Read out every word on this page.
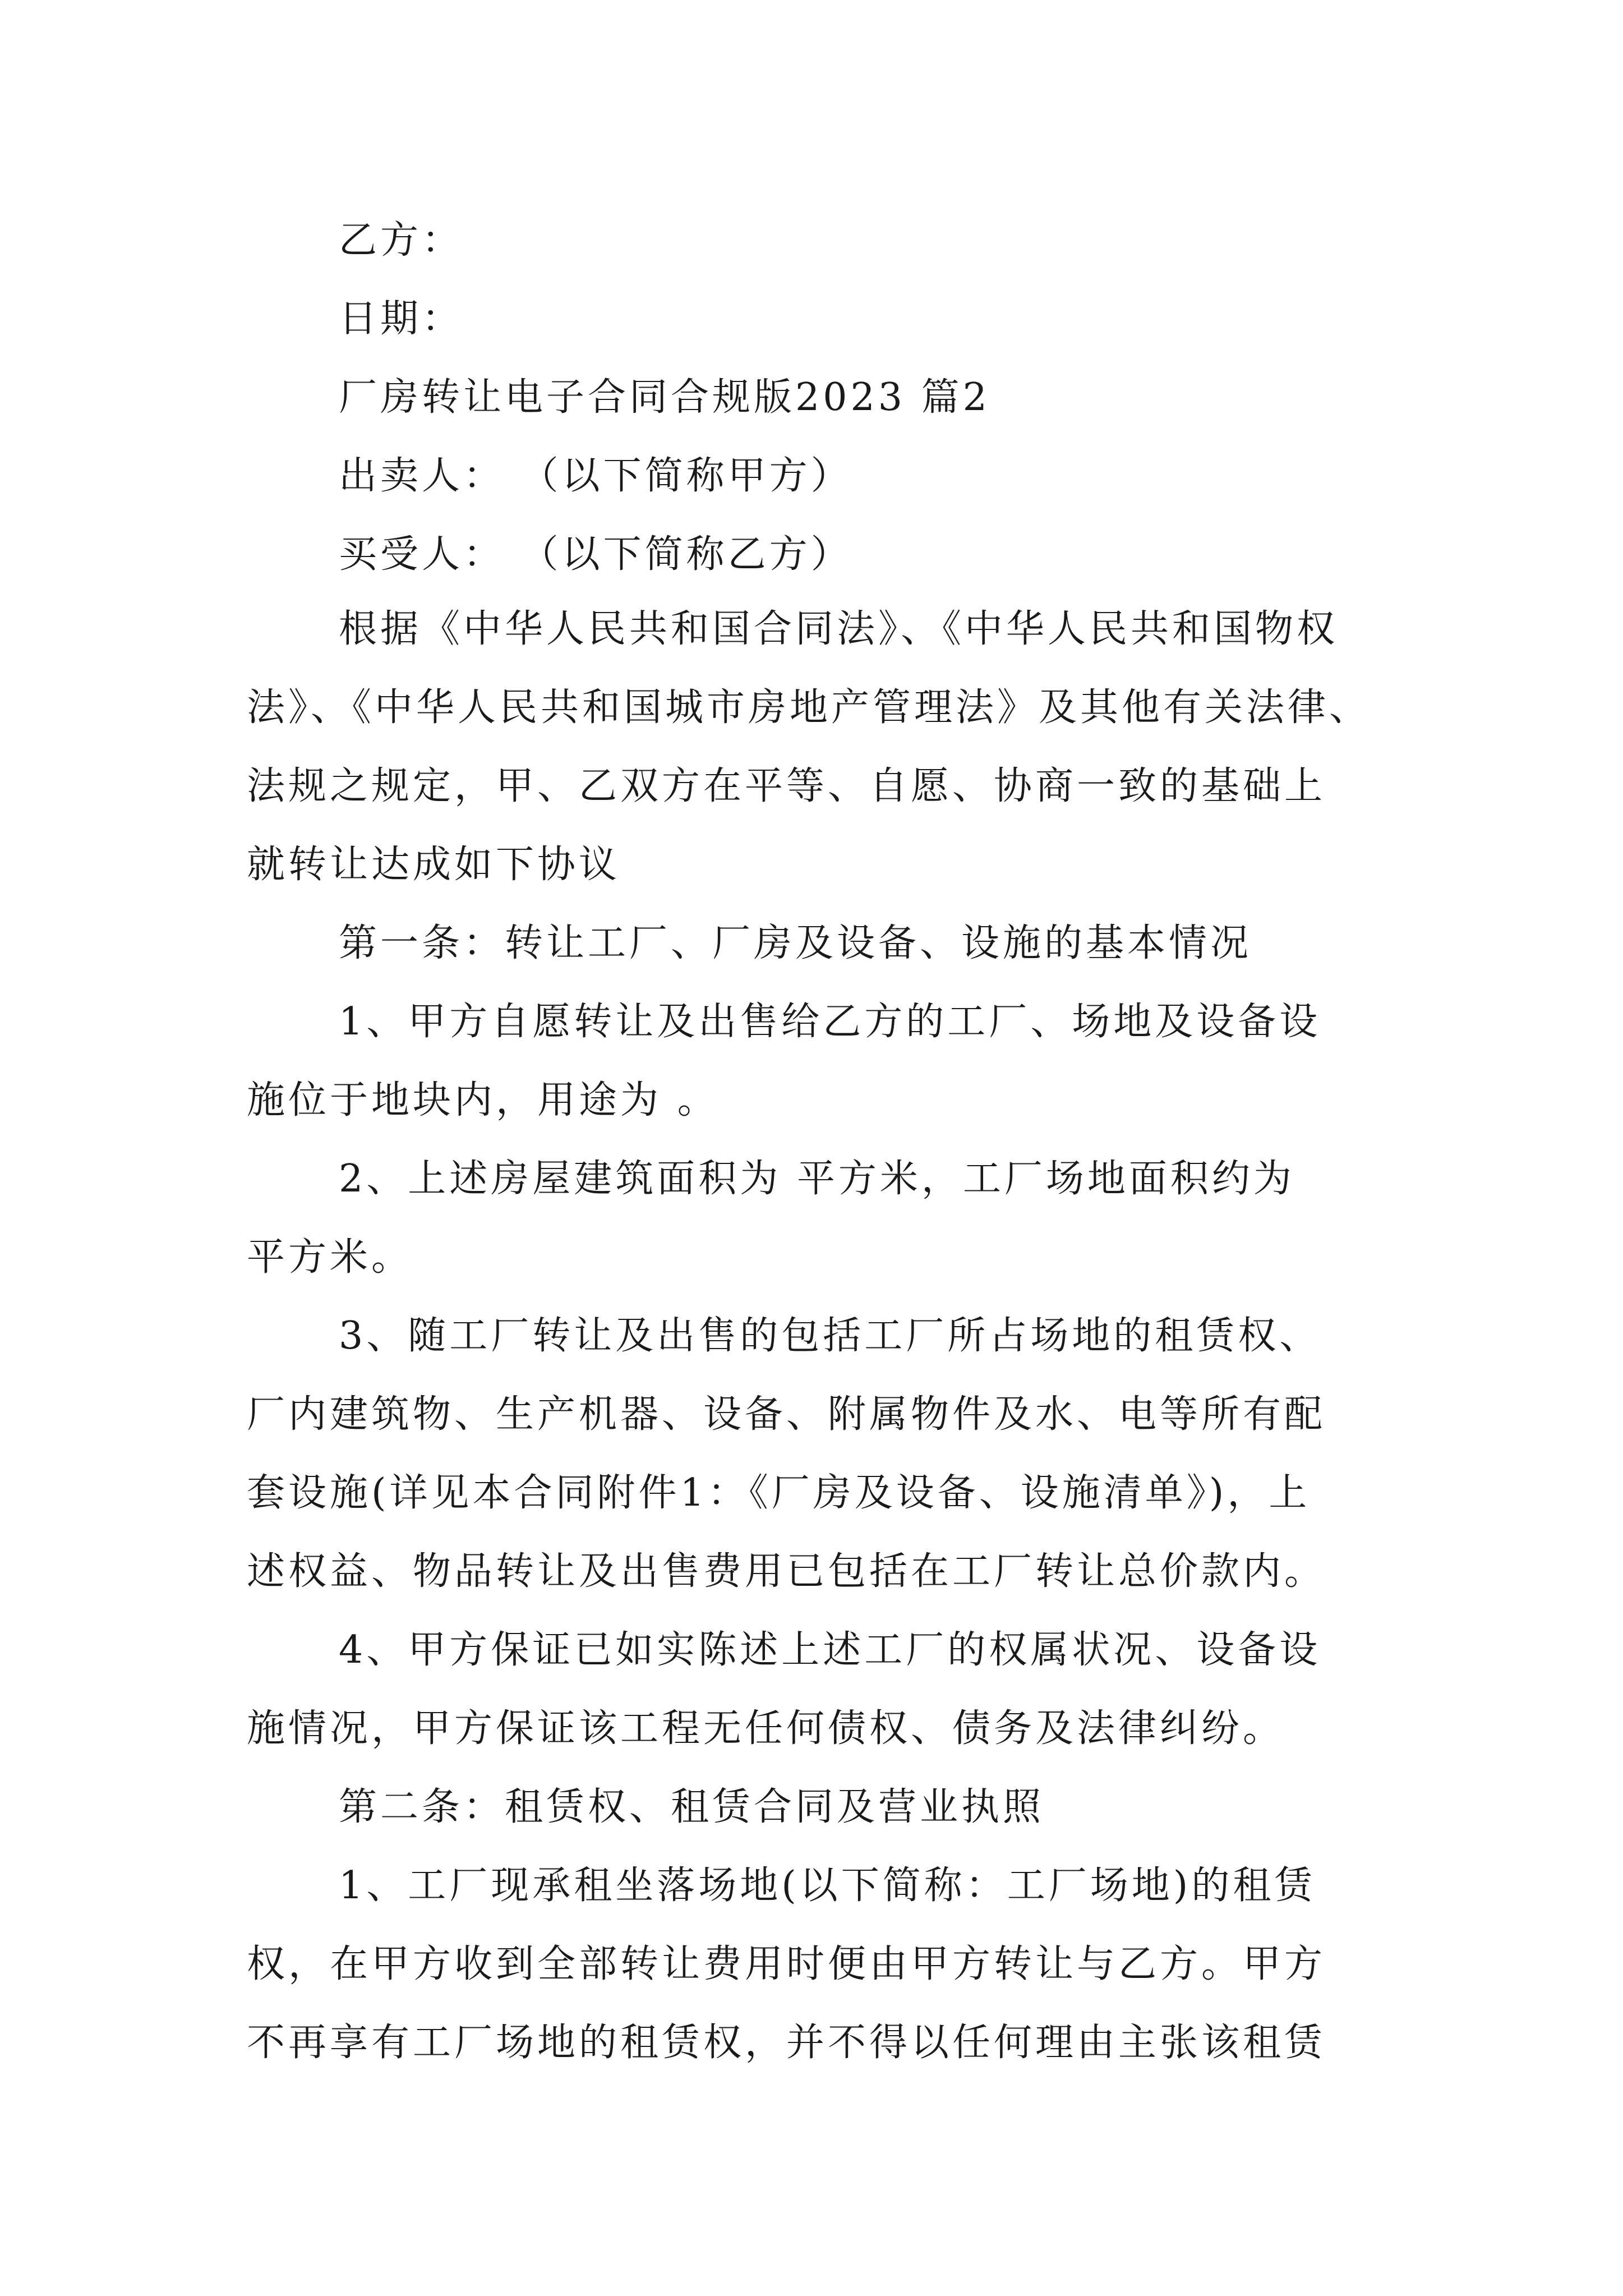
乙方：
日期：
厂房转让电子合同合规版2023 篇2
出卖人： （以下简称甲方）
买受人： （以下简称乙方）
根据《中华人民共和国合同法》、《中华人民共和国物权
法》、《中华人民共和国城市房地产管理法》及其他有关法律、
法规之规定，甲、乙双方在平等、自愿、协商一致的基础上
就转让达成如下协议
第一条：转让工厂、厂房及设备、设施的基本情况
1、甲方自愿转让及出售给乙方的工厂、场地及设备设
施位于地块内，用途为 。
2、上述房屋建筑面积为 平方米，工厂场地面积约为
平方米。
3、随工厂转让及出售的包括工厂所占场地的租赁权、
厂内建筑物、生产机器、设备、附属物件及水、电等所有配
套设施(详见本合同附件1：《厂房及设备、设施清单》)，上
述权益、物品转让及出售费用已包括在工厂转让总价款内。
4、甲方保证已如实陈述上述工厂的权属状况、设备设
施情况，甲方保证该工程无任何债权、债务及法律纠纷。
第二条：租赁权、租赁合同及营业执照
1、工厂现承租坐落场地(以下简称：工厂场地)的租赁
权，在甲方收到全部转让费用时便由甲方转让与乙方。甲方
不再享有工厂场地的租赁权，并不得以任何理由主张该租赁
